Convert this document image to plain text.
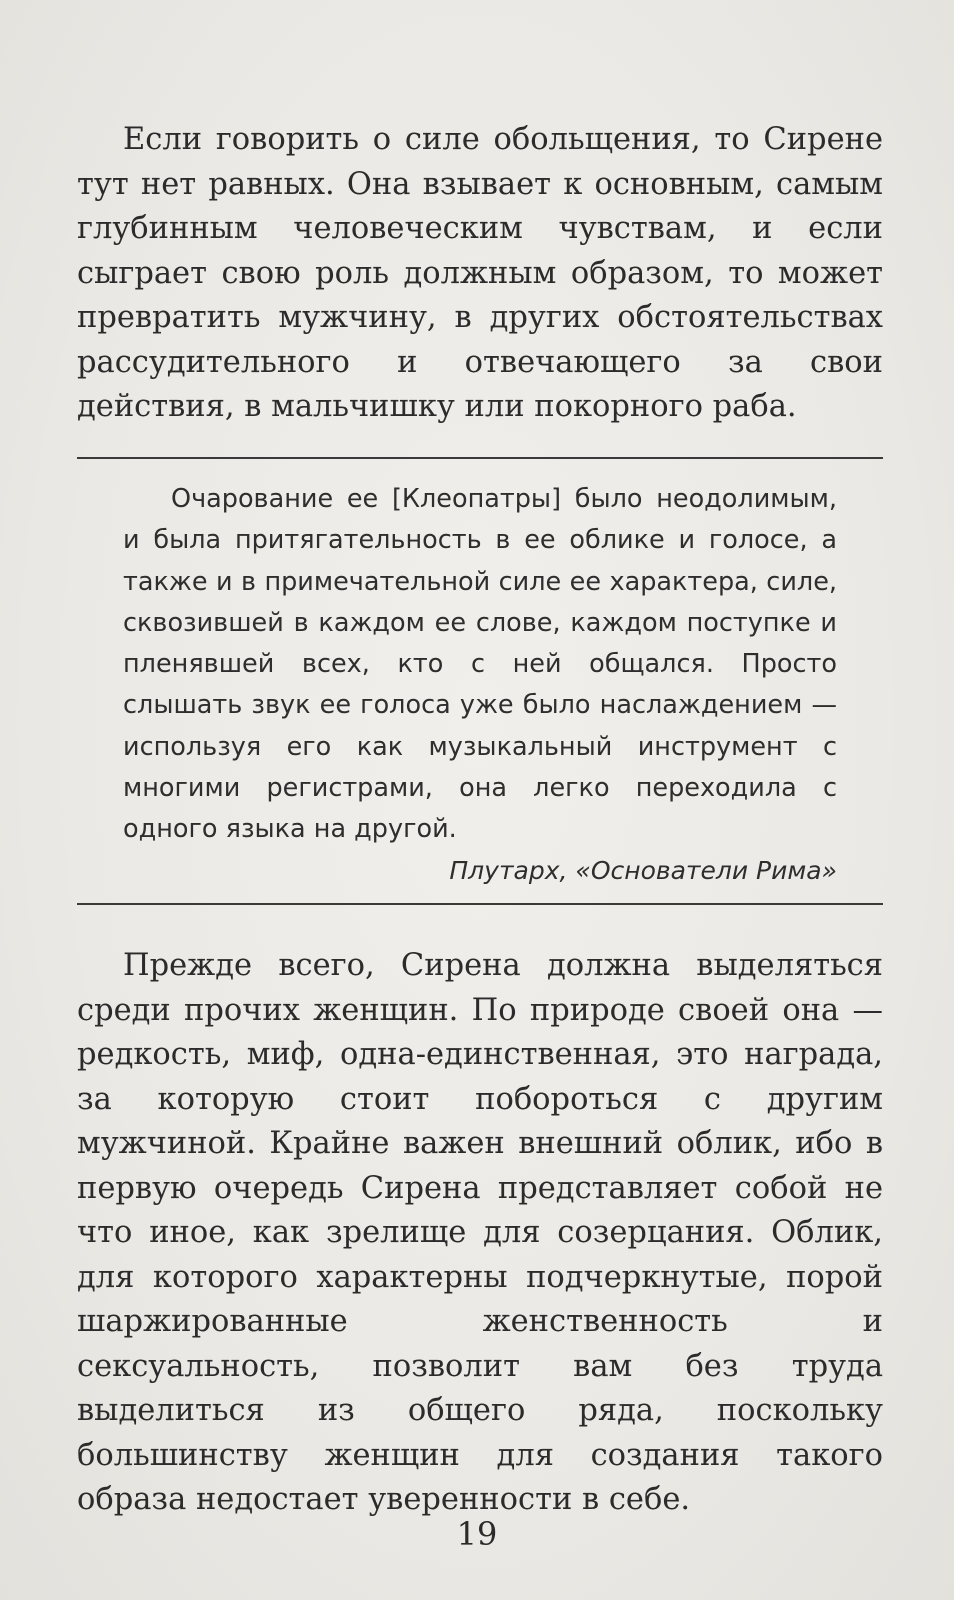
Если говорить о силе обольщения, то Сирене тут нет равных. Она взывает к основным, самым глубинным человеческим чувствам, и если сыграет свою роль должным образом, то может превратить мужчину, в других обстоятельствах рассудительного и отвечающего за свои действия, в мальчишку или покорного раба.

Очарование ее [Клеопатры] было неодолимым, и была притягательность в ее облике и голосе, а также и в примечательной силе ее характера, силе, сквозившей в каждом ее слове, каждом поступке и пленявшей всех, кто с ней общался. Просто слышать звук ее голоса уже было наслаждением — используя его как музыкальный инструмент с многими регистрами, она легко переходила с одного языка на другой.

Плутарх, «Основатели Рима»

Прежде всего, Сирена должна выделяться среди прочих женщин. По природе своей она — редкость, миф, одна-единственная, это награда, за которую стоит побороться с другим мужчиной. Крайне важен внешний облик, ибо в первую очередь Сирена представляет собой не что иное, как зрелище для созерцания. Облик, для которого характерны подчеркнутые, порой шаржированные женственность и сексуальность, позволит вам без труда выделиться из общего ряда, поскольку большинству женщин для создания такого образа недостает уверенности в себе.

19
